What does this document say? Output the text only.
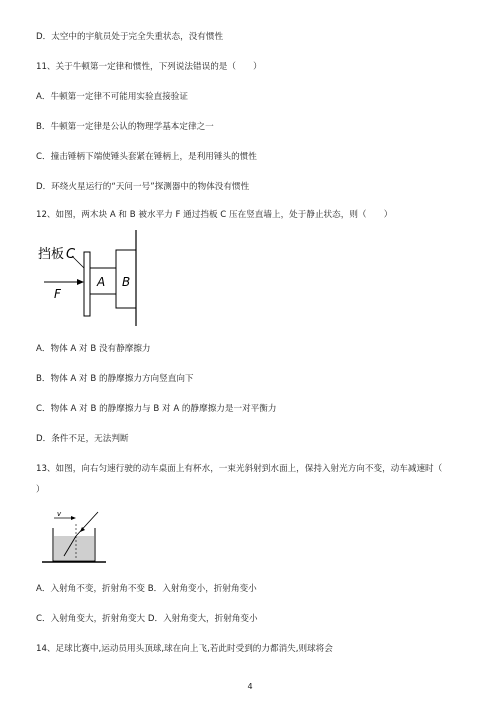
D．太空中的宇航员处于完全失重状态，没有惯性
11、关于牛顿第一定律和惯性，下列说法错误的是（　　）
A．牛顿第一定律不可能用实验直接验证
B．牛顿第一定律是公认的物理学基本定律之一
C．撞击锤柄下端使锤头套紧在锤柄上，是利用锤头的惯性
D．环绕火星运行的“天问一号”探测器中的物体没有惯性
12、如图，两木块 A 和 B 被水平力 F 通过挡板 C 压在竖直墙上，处于静止状态，则（　　）
挡板 C
A B
F
A．物体 A 对 B 没有静摩擦力
B．物体 A 对 B 的静摩擦力方向竖直向下
C．物体 A 对 B 的静摩擦力与 B 对 A 的静摩擦力是一对平衡力
D．条件不足，无法判断
13、如图，向右匀速行驶的动车桌面上有杯水，一束光斜射到水面上，保持入射光方向不变，动车减速时（
）
v
A．入射角不变，折射角不变 B．入射角变小，折射角变小
C．入射角变大，折射角变大 D．入射角变大，折射角变小
14、足球比赛中,运动员用头顶球,球在向上飞,若此时受到的力都消失,则球将会
4
